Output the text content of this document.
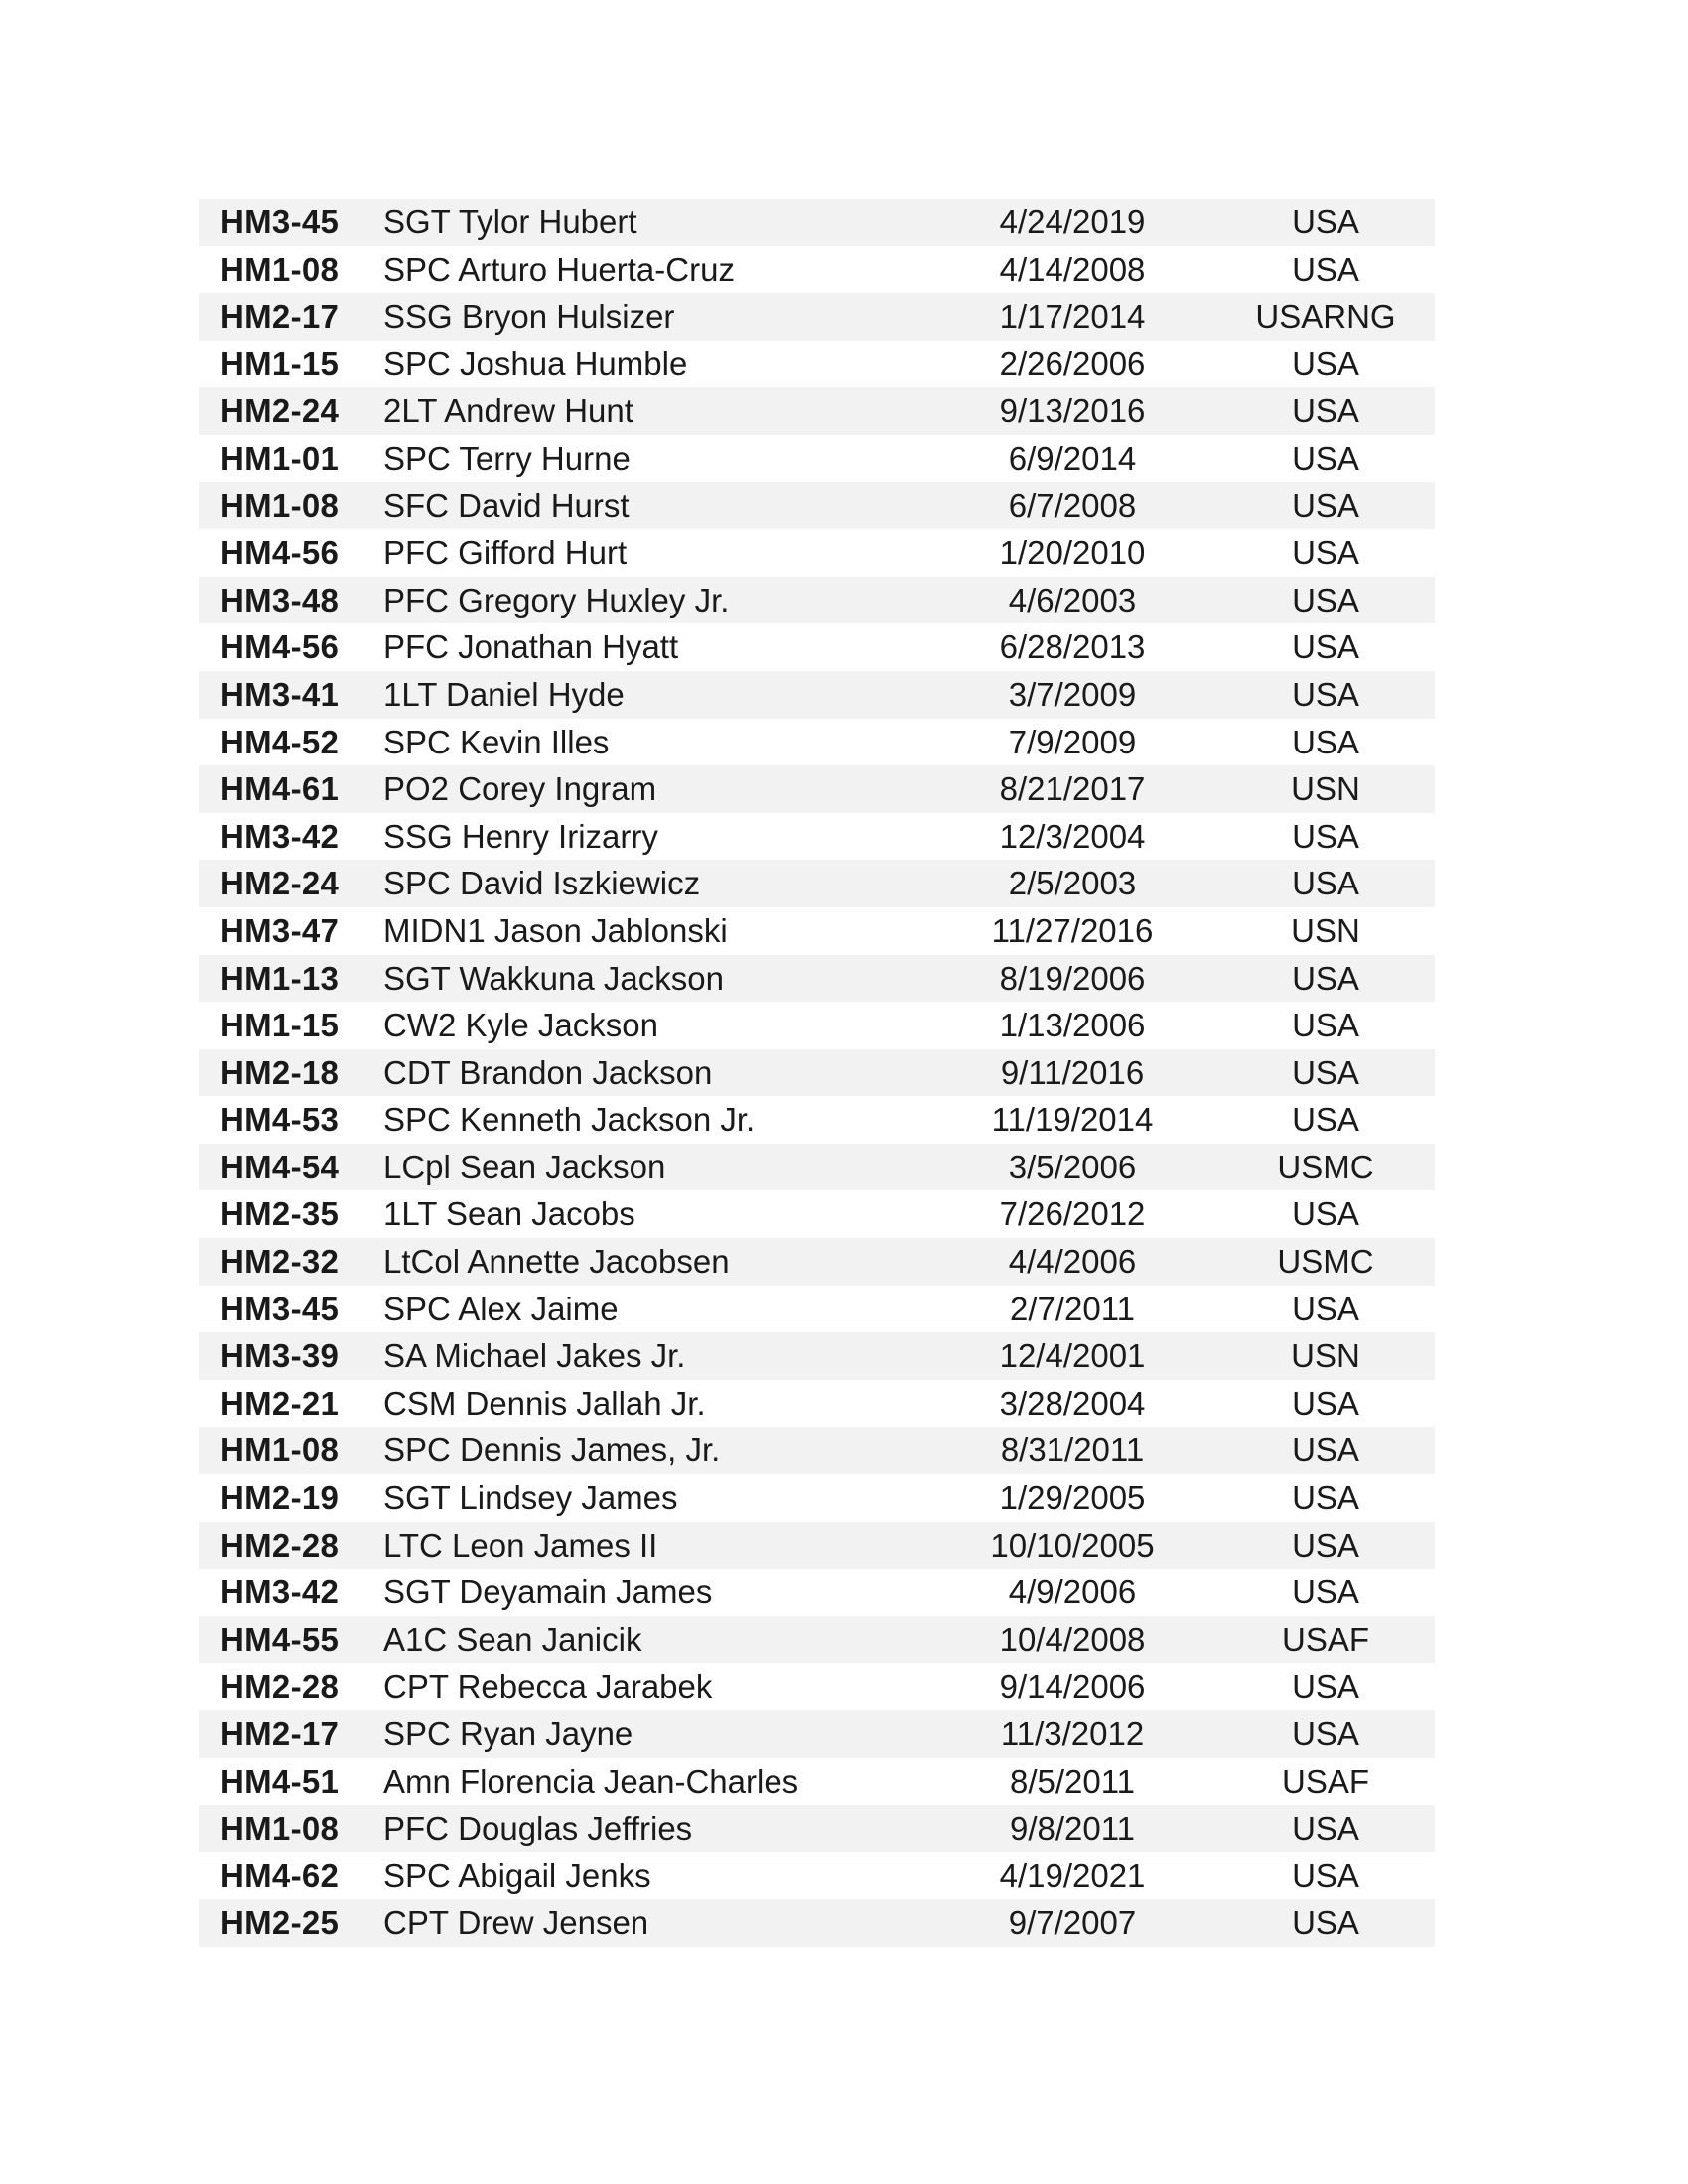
HM3-45 SGT Tylor Hubert	4/24/2019	USA
HM1-08 SPC Arturo Huerta-Cruz	4/14/2008	USA
HM2-17 SSG Bryon Hulsizer	1/17/2014	USARNG
HM1-15 SPC Joshua Humble	2/26/2006	USA
HM2-24 2LT Andrew Hunt	9/13/2016	USA
HM1-01 SPC Terry Hurne	6/9/2014	USA
HM1-08 SFC David Hurst	6/7/2008	USA
HM4-56 PFC Gifford Hurt	1/20/2010	USA
HM3-48 PFC Gregory Huxley Jr.	4/6/2003	USA
HM4-56 PFC Jonathan Hyatt	6/28/2013	USA
HM3-41 1LT Daniel Hyde	3/7/2009	USA
HM4-52 SPC Kevin Illes	7/9/2009	USA
HM4-61 PO2 Corey Ingram	8/21/2017	USN
HM3-42 SSG Henry Irizarry	12/3/2004	USA
HM2-24 SPC David Iszkiewicz	2/5/2003	USA
HM3-47 MIDN1 Jason Jablonski	11/27/2016	USN
HM1-13 SGT Wakkuna Jackson	8/19/2006	USA
HM1-15 CW2 Kyle Jackson	1/13/2006	USA
HM2-18 CDT Brandon Jackson	9/11/2016	USA
HM4-53 SPC Kenneth Jackson Jr.	11/19/2014	USA
HM4-54 LCpl Sean Jackson	3/5/2006	USMC
HM2-35 1LT Sean Jacobs	7/26/2012	USA
HM2-32 LtCol Annette Jacobsen	4/4/2006	USMC
HM3-45 SPC Alex Jaime	2/7/2011	USA
HM3-39 SA Michael Jakes Jr.	12/4/2001	USN
HM2-21 CSM Dennis Jallah Jr.	3/28/2004	USA
HM1-08 SPC Dennis James, Jr.	8/31/2011	USA
HM2-19 SGT Lindsey James	1/29/2005	USA
HM2-28 LTC Leon James II	10/10/2005	USA
HM3-42 SGT Deyamain James	4/9/2006	USA
HM4-55 A1C Sean Janicik	10/4/2008	USAF
HM2-28 CPT Rebecca Jarabek	9/14/2006	USA
HM2-17 SPC Ryan Jayne	11/3/2012	USA
HM4-51 Amn Florencia Jean-Charles	8/5/2011	USAF
HM1-08 PFC Douglas Jeffries	9/8/2011	USA
HM4-62 SPC Abigail Jenks	4/19/2021	USA
HM2-25 CPT Drew Jensen	9/7/2007	USA
